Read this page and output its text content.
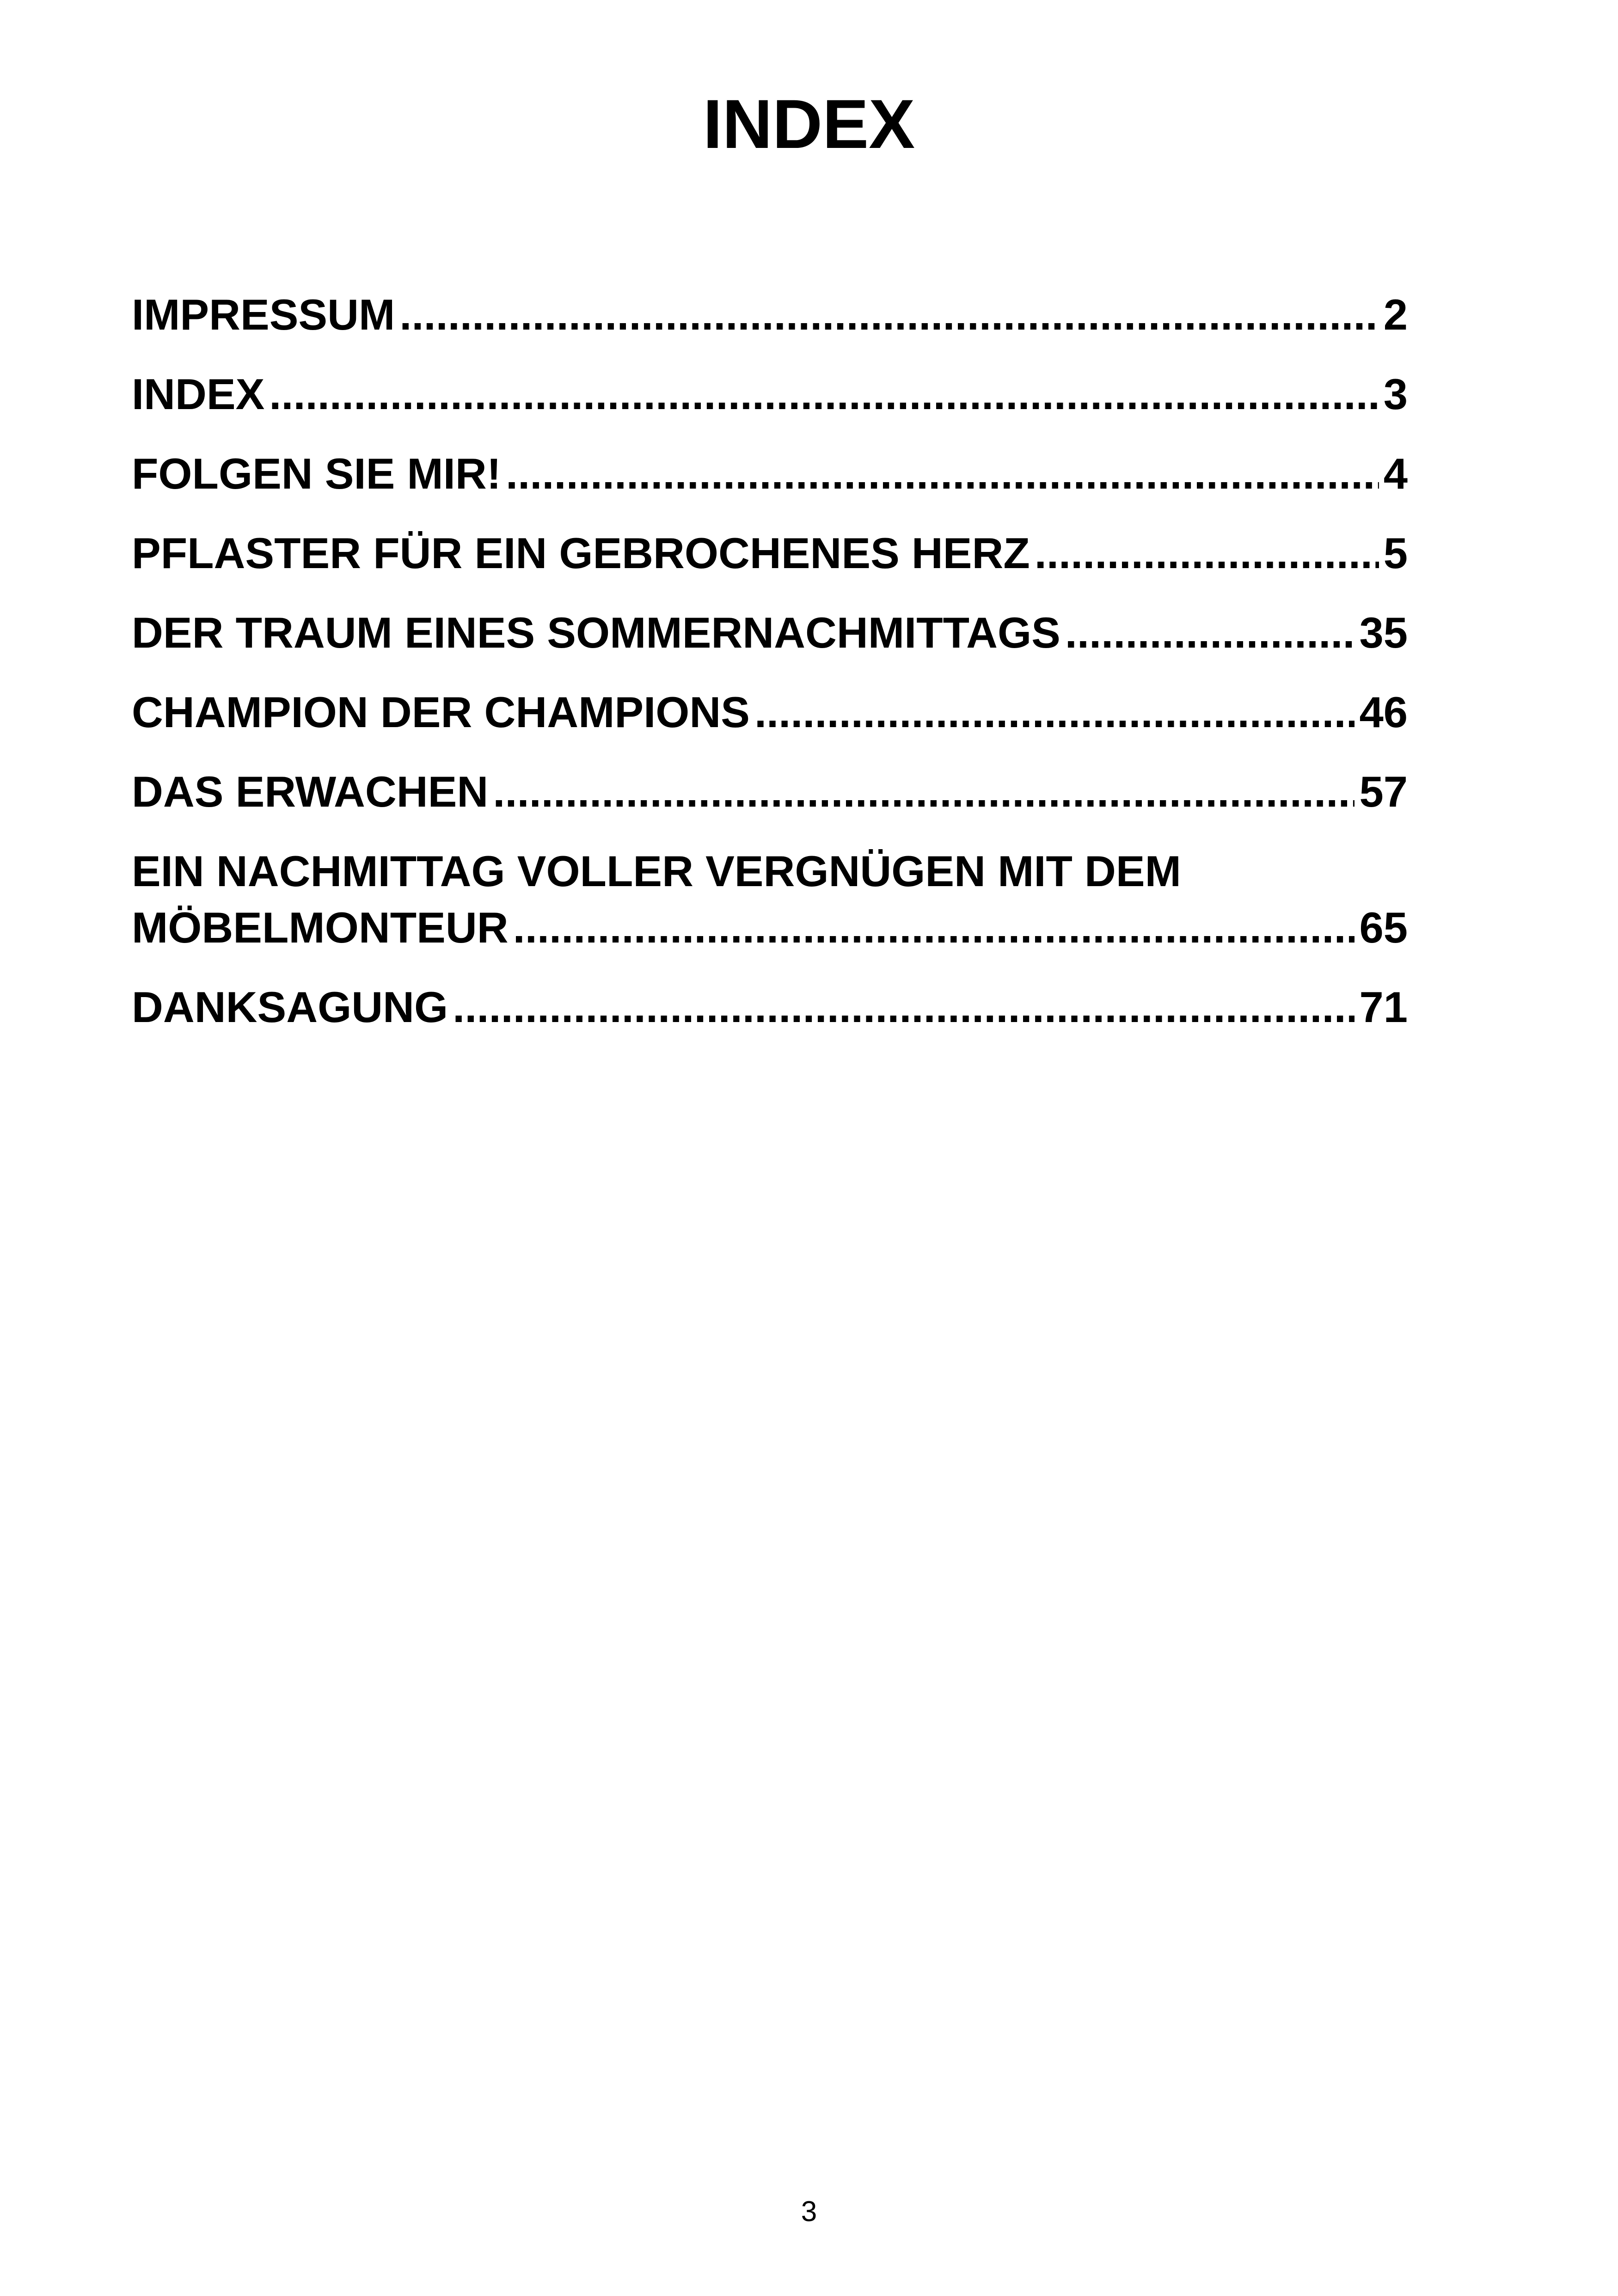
INDEX
IMPRESSUM .....	2
INDEX .....	3
FOLGEN SIE MIR! .....	4
PFLASTER FÜR EIN GEBROCHENES HERZ .....	5
DER TRAUM EINES SOMMERNACHMITTAGS .....	35
CHAMPION DER CHAMPIONS .....	46
DAS ERWACHEN .....	57
EIN NACHMITTAG VOLLER VERGNÜGEN MIT DEM
MÖBELMONTEUR .....	65
DANKSAGUNG .....	71
3
